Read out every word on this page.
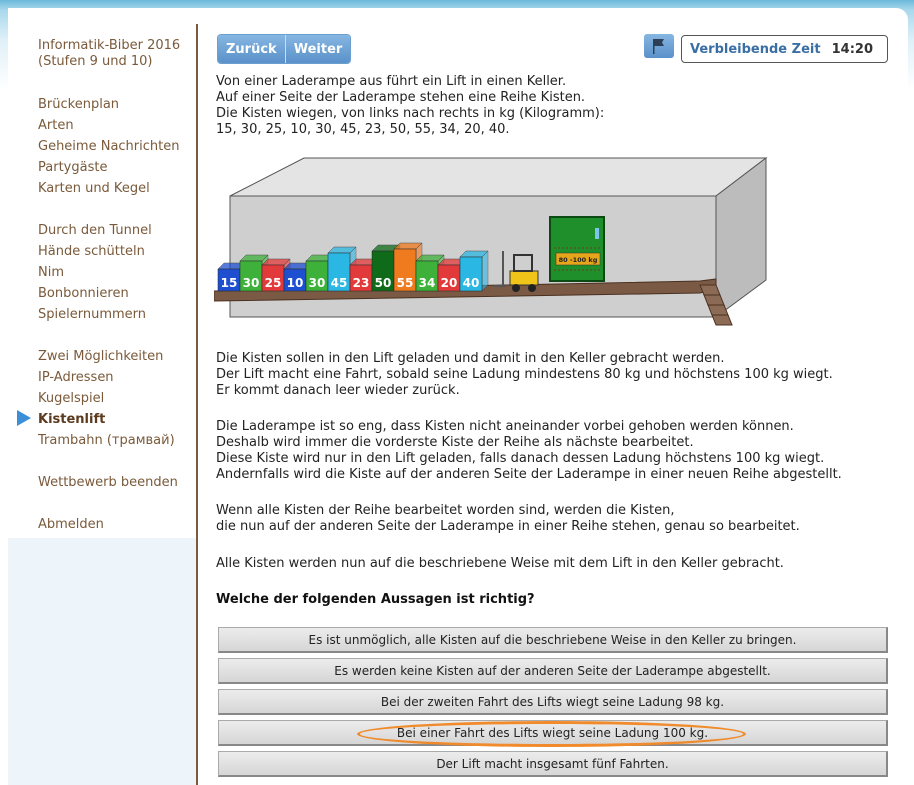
Informatik-Biber 2016
(Stufen 9 und 10)
Brückenplan
Arten
Geheime Nachrichten
Partygäste
Karten und Kegel
Durch den Tunnel
Hände schütteln
Nim
Bonbonnieren
Spielernummern
Zwei Möglichkeiten
IP-Adressen
Kugelspiel
Kistenlift
Trambahn (трамвай)
Wettbewerb beenden
Abmelden
Zurück	Weiter	Verbleibende Zeit 14:20
Von einer Laderampe aus führt ein Lift in einen Keller.
Auf einer Seite der Laderampe stehen eine Reihe Kisten.
Die Kisten wiegen, von links nach rechts in kg (Kilogramm):
15, 30, 25, 10, 30, 45, 23, 50, 55, 34, 20, 40.
80 -100 kg
15 30 25 10 30 45 23 50 55 34 20 40
Die Kisten sollen in den Lift geladen und damit in den Keller gebracht werden.
Der Lift macht eine Fahrt, sobald seine Ladung mindestens 80 kg und höchstens 100 kg wiegt.
Er kommt danach leer wieder zurück.
Die Laderampe ist so eng, dass Kisten nicht aneinander vorbei gehoben werden können.
Deshalb wird immer die vorderste Kiste der Reihe als nächste bearbeitet.
Diese Kiste wird nur in den Lift geladen, falls danach dessen Ladung höchstens 100 kg wiegt.
Andernfalls wird die Kiste auf der anderen Seite der Laderampe in einer neuen Reihe abgestellt.
Wenn alle Kisten der Reihe bearbeitet worden sind, werden die Kisten,
die nun auf der anderen Seite der Laderampe in einer Reihe stehen, genau so bearbeitet.
Alle Kisten werden nun auf die beschriebene Weise mit dem Lift in den Keller gebracht.
Welche der folgenden Aussagen ist richtig?
Es ist unmöglich, alle Kisten auf die beschriebene Weise in den Keller zu bringen.
Es werden keine Kisten auf der anderen Seite der Laderampe abgestellt.
Bei der zweiten Fahrt des Lifts wiegt seine Ladung 98 kg.
Bei einer Fahrt des Lifts wiegt seine Ladung 100 kg.
Der Lift macht insgesamt fünf Fahrten.
